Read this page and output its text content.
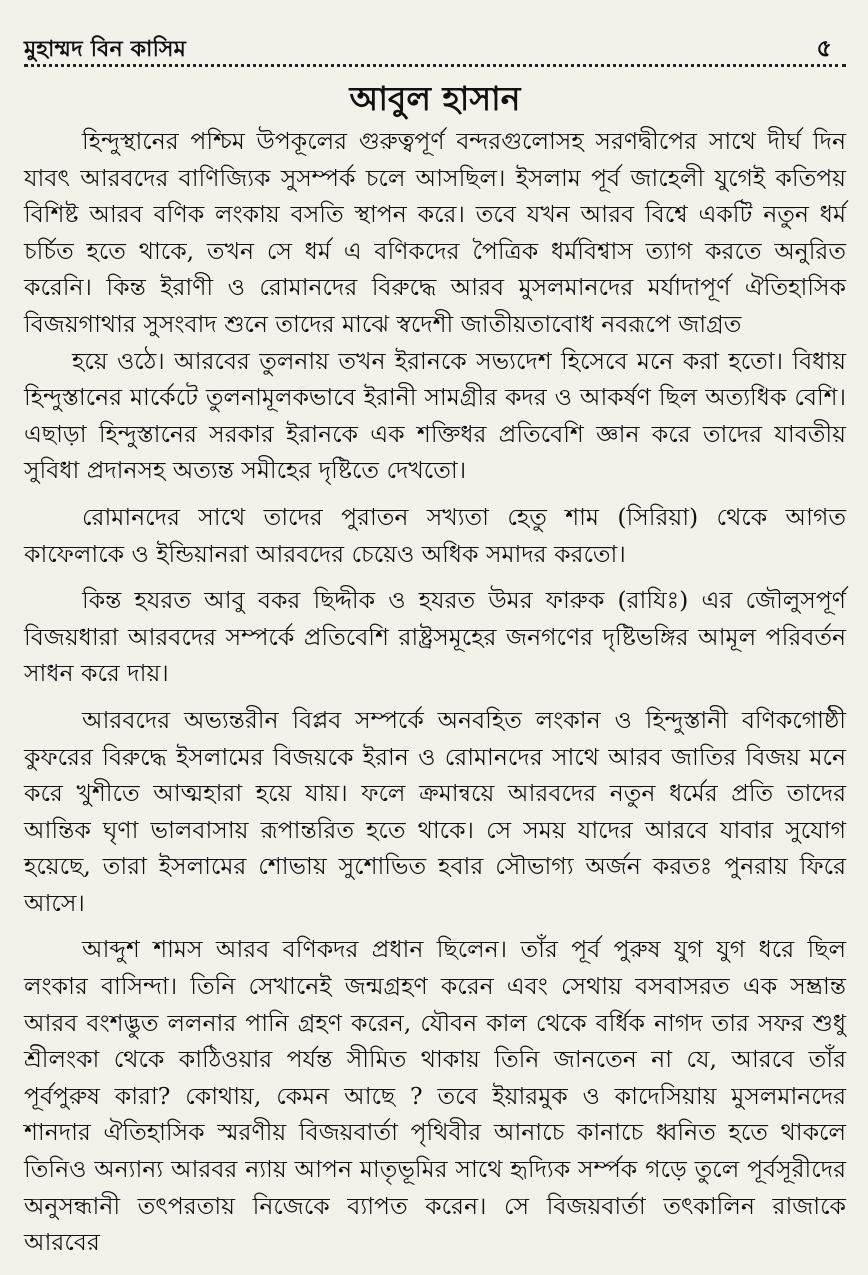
মুহাম্মদ বিন কাসিম	৫
আবুল হাসান

হিন্দুস্থানের পশ্চিম উপকূলের গুরুত্বপূর্ণ বন্দরগুলোসহ সরণদ্বীপের সাথে দীর্ঘ দিন যাবৎ আরবদের বাণিজ্যিক সুসম্পর্ক চলে আসছিল। ইসলাম পূর্ব জাহেলী যুগেই কতিপয় বিশিষ্ট আরব বণিক লংকায় বসতি স্থাপন করে। তবে যখন আরব বিশ্বে একটি নতুন ধর্ম চর্চিত হতে থাকে, তখন সে ধর্ম এ বণিকদের পৈত্রিক ধর্মবিশ্বাস ত্যাগ করতে অনুরিত করেনি। কিন্ত ইরাণী ও রোমানদের বিরুদ্ধে আরব মুসলমানদের মর্যাদাপূর্ণ ঐতিহাসিক বিজয়গাথার সুসংবাদ শুনে তাদের মাঝে স্বদেশী জাতীয়তাবোধ নবরূপে জাগ্রত

হয়ে ওঠে। আরবের তুলনায় তখন ইরানকে সভ্যদেশ হিসেবে মনে করা হতো। বিধায় হিন্দুস্তানের মার্কেটে তুলনামূলকভাবে ইরানী সামগ্রীর কদর ও আকর্ষণ ছিল অত্যধিক বেশি। এছাড়া হিন্দুস্তানের সরকার ইরানকে এক শক্তিধর প্রতিবেশি জ্ঞান করে তাদের যাবতীয় সুবিধা প্রদানসহ অত্যন্ত সমীহের দৃষ্টিতে দেখতো।

রোমানদের সাথে তাদের পুরাতন সখ্যতা হেতু শাম (সিরিয়া) থেকে আগত কাফেলাকে ও ইন্ডিয়ানরা আরবদের চেয়েও অধিক সমাদর করতো।

কিন্ত হযরত আবু বকর ছিদ্দীক ও হযরত উমর ফারুক (রাযিঃ) এর জৌলুসপূর্ণ বিজয়ধারা আরবদের সম্পর্কে প্রতিবেশি রাষ্ট্রসমূহের জনগণের দৃষ্টিভঙ্গির আমূল পরিবর্তন সাধন করে দায়।

আরবদের অভ্যন্তরীন বিপ্লব সম্পর্কে অনবহিত লংকান ও হিন্দুস্তানী বণিকগোষ্ঠী কুফরের বিরুদ্ধে ইসলামের বিজয়কে ইরান ও রোমানদের সাথে আরব জাতির বিজয় মনে করে খুশীতে আত্মহারা হয়ে যায়। ফলে ক্রমান্বয়ে আরবদের নতুন ধর্মের প্রতি তাদের আন্তিক ঘৃণা ভালবাসায় রূপান্তরিত হতে থাকে। সে সময় যাদের আরবে যাবার সুযোগ হয়েছে, তারা ইসলামের শোভায় সুশোভিত হবার সৌভাগ্য অর্জন করতঃ পুনরায় ফিরে আসে।

আব্দুশ শামস আরব বণিকদর প্রধান ছিলেন। তাঁর পূর্ব পুরুষ যুগ যুগ ধরে ছিল লংকার বাসিন্দা। তিনি সেখানেই জন্মগ্রহণ করেন এবং সেথায় বসবাসরত এক সম্ভ্রান্ত আরব বংশদ্ভুত ললনার পানি গ্রহণ করেন, যৌবন কাল থেকে বর্ধিক নাগদ তার সফর শুধু শ্রীলংকা থেকে কাঠিওয়ার পর্যন্ত সীমিত থাকায় তিনি জানতেন না যে, আরবে তাঁর পূর্বপুরুষ কারা? কোথায়, কেমন আছে ? তবে ইয়ারমুক ও কাদেসিয়ায় মুসলমানদের শানদার ঐতিহাসিক স্মরণীয় বিজয়বার্তা পৃথিবীর আনাচে কানাচে ধ্বনিত হতে থাকলে তিনিও অন্যান্য আরবর ন্যায় আপন মাতৃভূমির সাথে হৃদ্যিক সর্ম্পক গড়ে তুলে পূর্বসূরীদের অনুসন্ধানী তৎপরতায় নিজেকে ব্যাপত করেন। সে বিজয়বার্তা তৎকালিন রাজাকে আরবের
